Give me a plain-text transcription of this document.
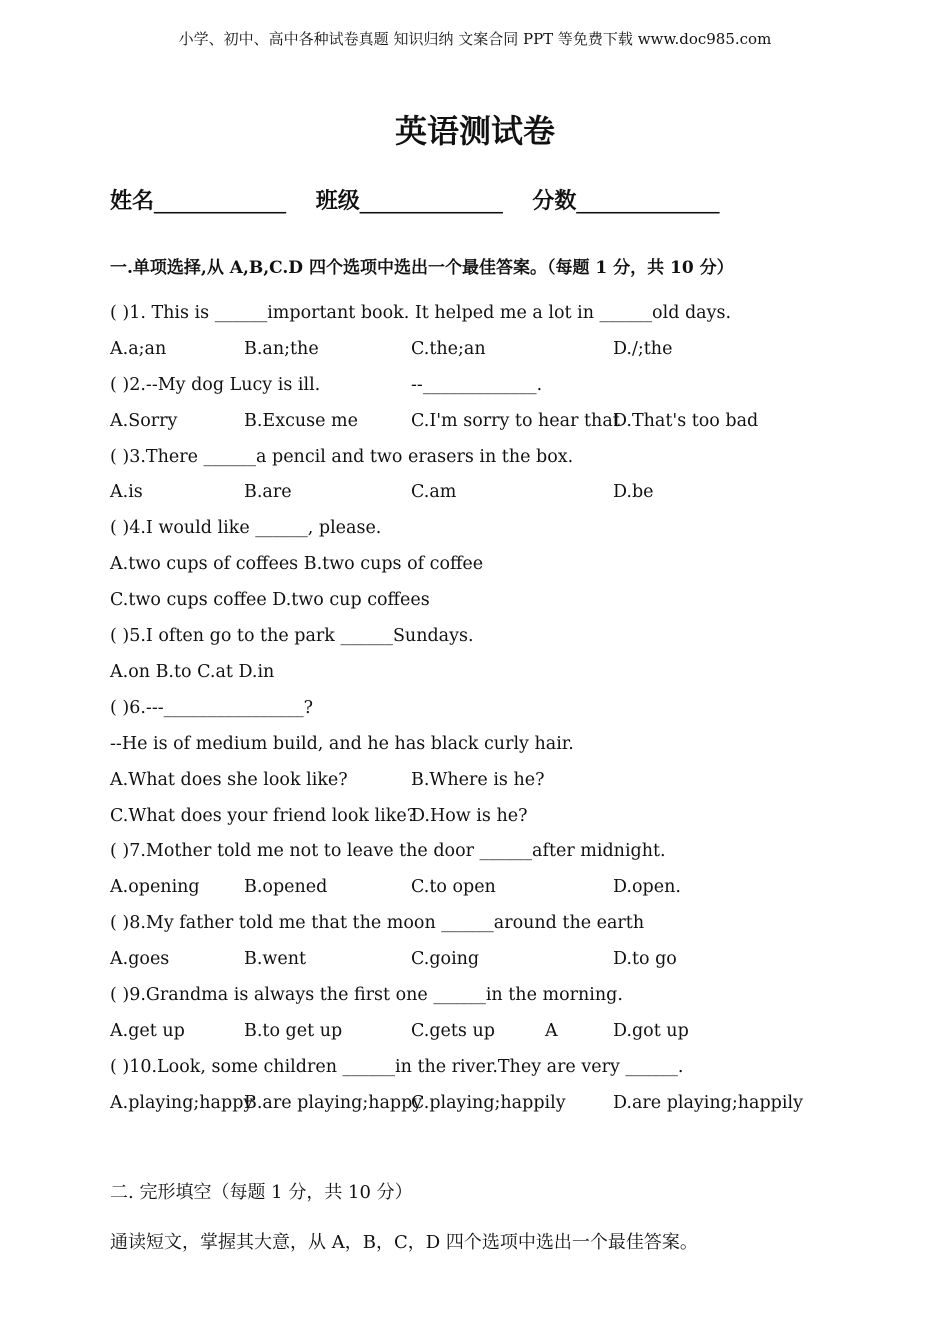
小学、初中、高中各种试卷真题 知识归纳 文案合同 PPT 等免费下载 www.doc985.com
英语测试卷
姓名____________ 班级_____________ 分数_____________
一.单项选择,从 A,B,C.D 四个选项中选出一个最佳答案。（每题 1 分，共 10 分）
( )1. This is ______important book. It helped me a lot in ______old days.
A.a;an	B.an;the	C.the;an	D./;the
( )2.--My dog Lucy is ill.	--_____________.
A.Sorry	B.Excuse me	C.I'm sorry to hear that
D.That's too bad
( )3.There ______a pencil and two erasers in the box.
A.is	B.are	C.am	D.be
( )4.I would like ______, please.
A.two cups of coffees B.two cups of coffee
C.two cups coffee D.two cup coffees
( )5.I often go to the park ______Sundays.
A.on B.to C.at D.in
( )6.---________________?
--He is of medium build, and he has black curly hair.
A.What does she look like?	B.Where is he?
C.What does your friend look like?
D.How is he?
( )7.Mother told me not to leave the door ______after midnight.
A.opening	B.opened	C.to open	D.open.
( )8.My father told me that the moon ______around the earth
A.goes	B.went	C.going	D.to go
( )9.Grandma is always the first one ______in the morning.
A.get up	B.to get up	C.gets up	A	D.got up
( )10.Look, some children ______in the river.They are very ______.
A.playing;happy
B.are playing;happy
C.playing;happily	D.are playing;happily
二. 完形填空（每题 1 分，共 10 分）
通读短文，掌握其大意，从 A，B，C，D 四个选项中选出一个最佳答案。
